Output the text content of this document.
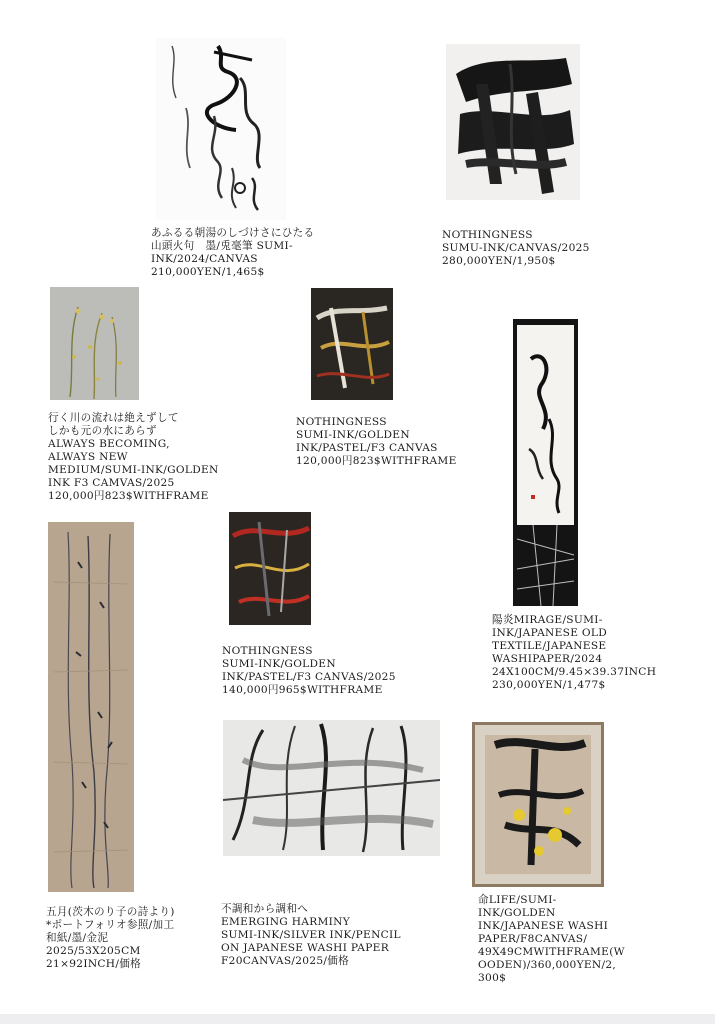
あふるる朝湯のしづけさにひたる
山頭火句　墨/兎毫筆 SUMI-
INK/2024/CANVAS
210,000YEN/1,465$
NOTHINGNESS
SUMU-INK/CANVAS/2025
280,000YEN/1,950$
行く川の流れは絶えずして
しかも元の水にあらず
ALWAYS BECOMING,
ALWAYS NEW
MEDIUM/SUMI-INK/GOLDEN
INK F3 CAMVAS/2025
120,000円823$WITHFRAME
NOTHINGNESS
SUMI-INK/GOLDEN
INK/PASTEL/F3 CANVAS
120,000円823$WITHFRAME
陽炎MIRAGE/SUMI-
INK/JAPANESE OLD
TEXTILE/JAPANESE
WASHIPAPER/2024
24X100CM/9.45×39.37INCH
230,000YEN/1,477$
NOTHINGNESS
SUMI-INK/GOLDEN
INK/PASTEL/F3 CANVAS/2025
140,000円965$WITHFRAME
五月(茨木のり子の詩より)
*ポートフォリオ参照/加工
和紙/墨/金泥
2025/53X205CM
21×92INCH/価格
不調和から調和へ
EMERGING HARMINY
SUMI-INK/SILVER INK/PENCIL
ON JAPANESE WASHI PAPER
F20CANVAS/2025/価格
命LIFE/SUMI-
INK/GOLDEN
INK/JAPANESE WASHI
PAPER/F8CANVAS/
49X49CMWITHFRAME(W
OODEN)/360,000YEN/2,
300$
